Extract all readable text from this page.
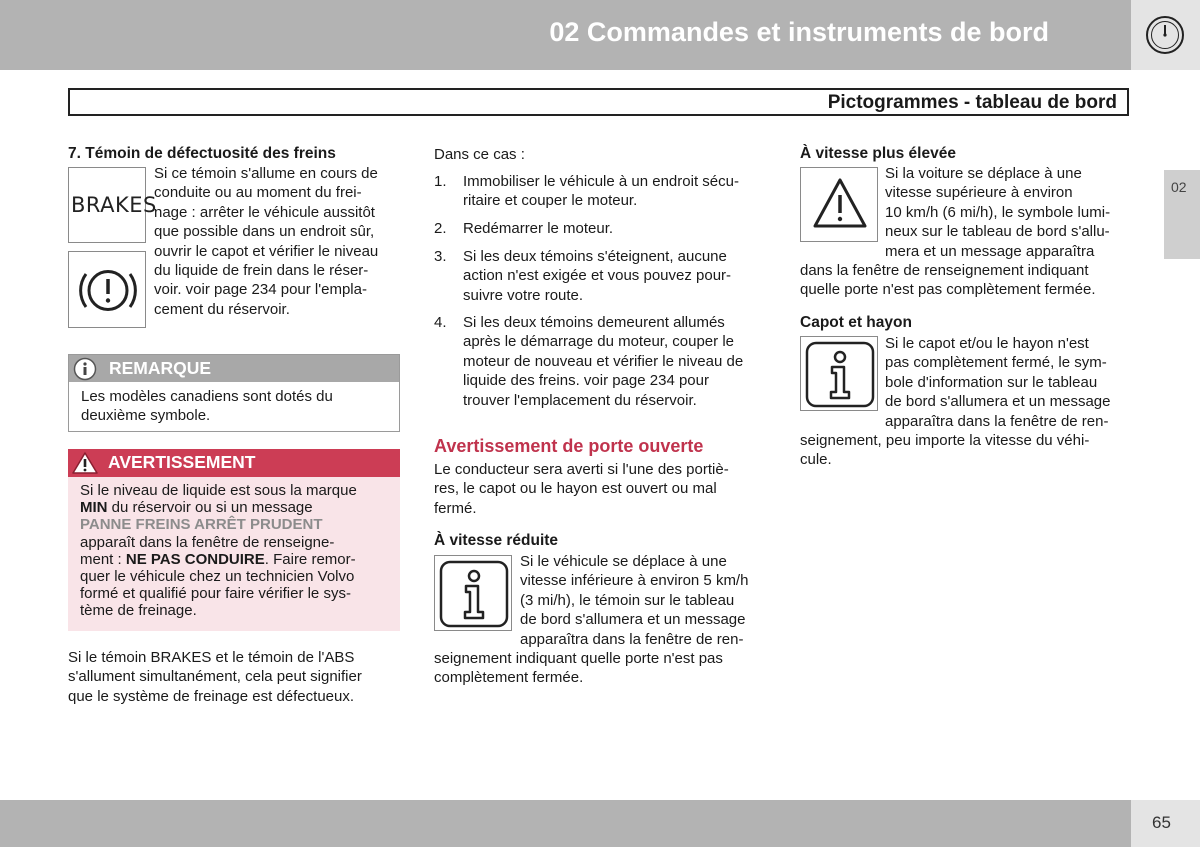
02 Commandes et instruments de bord
Pictogrammes - tableau de bord
02
7. Témoin de défectuosité des freins
BRAKES
Si ce témoin s'allume en cours de
conduite ou au moment du frei-
nage : arrêter le véhicule aussitôt
que possible dans un endroit sûr,
ouvrir le capot et vérifier le niveau
du liquide de frein dans le réser-
voir. voir page 234 pour l'empla-
cement du réservoir.
REMARQUE
Les modèles canadiens sont dotés du
deuxième symbole.
AVERTISSEMENT
Si le niveau de liquide est sous la marque
MIN du réservoir ou si un message
PANNE FREINS ARRÊT PRUDENT
apparaît dans la fenêtre de renseigne-
ment : NE PAS CONDUIRE. Faire remor-
quer le véhicule chez un technicien Volvo
formé et qualifié pour faire vérifier le sys-
tème de freinage.
Si le témoin BRAKES et le témoin de l'ABS
s'allument simultanément, cela peut signifier
que le système de freinage est défectueux.
Dans ce cas :
1. Immobiliser le véhicule à un endroit sécu-
ritaire et couper le moteur.
2. Redémarrer le moteur.
3. Si les deux témoins s'éteignent, aucune
action n'est exigée et vous pouvez pour-
suivre votre route.
4. Si les deux témoins demeurent allumés
après le démarrage du moteur, couper le
moteur de nouveau et vérifier le niveau de
liquide des freins. voir page 234 pour
trouver l'emplacement du réservoir.
Avertissement de porte ouverte
Le conducteur sera averti si l'une des portiè-
res, le capot ou le hayon est ouvert ou mal
fermé.
À vitesse réduite
Si le véhicule se déplace à une
vitesse inférieure à environ 5 km/h
(3 mi/h), le témoin sur le tableau
de bord s'allumera et un message
apparaîtra dans la fenêtre de ren-
seignement indiquant quelle porte n'est pas
complètement fermée.
À vitesse plus élevée
Si la voiture se déplace à une
vitesse supérieure à environ
10 km/h (6 mi/h), le symbole lumi-
neux sur le tableau de bord s'allu-
mera et un message apparaîtra
dans la fenêtre de renseignement indiquant
quelle porte n'est pas complètement fermée.
Capot et hayon
Si le capot et/ou le hayon n'est
pas complètement fermé, le sym-
bole d'information sur le tableau
de bord s'allumera et un message
apparaîtra dans la fenêtre de ren-
seignement, peu importe la vitesse du véhi-
cule.
65
